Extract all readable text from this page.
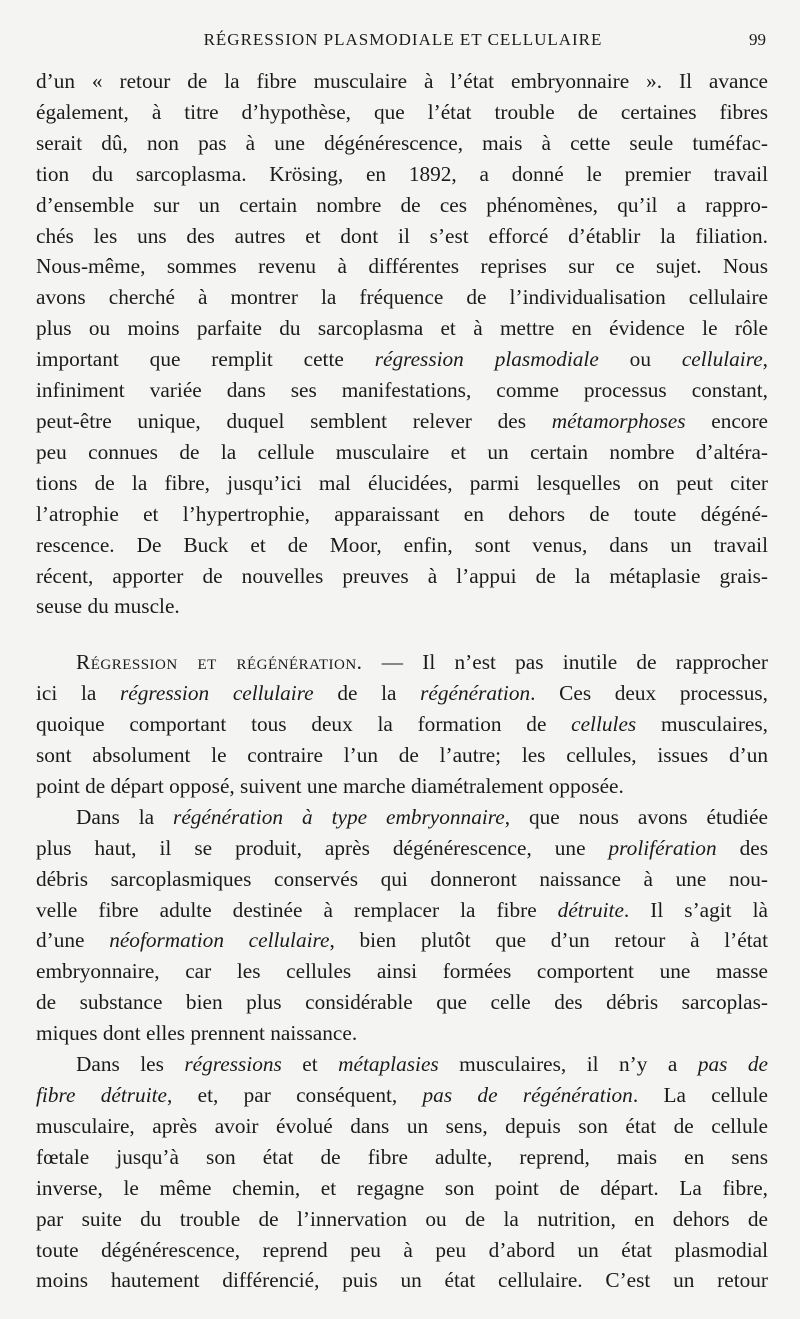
RÉGRESSION PLASMODIALE ET CELLULAIRE	99

d’un « retour de la fibre musculaire à l’état embryonnaire ». Il avance
également, à titre d’hypothèse, que l’état trouble de certaines fibres
serait dû, non pas à une dégénérescence, mais à cette seule tuméfac-
tion du sarcoplasma. Krösing, en 1892, a donné le premier travail
d’ensemble sur un certain nombre de ces phénomènes, qu’il a rappro-
chés les uns des autres et dont il s’est efforcé d’établir la filiation.
Nous-même, sommes revenu à différentes reprises sur ce sujet. Nous
avons cherché à montrer la fréquence de l’individualisation cellulaire
plus ou moins parfaite du sarcoplasma et à mettre en évidence le rôle
important que remplit cette régression plasmodiale ou cellulaire,
infiniment variée dans ses manifestations, comme processus constant,
peut-être unique, duquel semblent relever des métamorphoses encore
peu connues de la cellule musculaire et un certain nombre d’altéra-
tions de la fibre, jusqu’ici mal élucidées, parmi lesquelles on peut citer
l’atrophie et l’hypertrophie, apparaissant en dehors de toute dégéné-
rescence. De Buck et de Moor, enfin, sont venus, dans un travail
récent, apporter de nouvelles preuves à l’appui de la métaplasie grais-
seuse du muscle.

Régression et régénération. — Il n’est pas inutile de rapprocher
ici la régression cellulaire de la régénération. Ces deux processus,
quoique comportant tous deux la formation de cellules musculaires,
sont absolument le contraire l’un de l’autre; les cellules, issues d’un
point de départ opposé, suivent une marche diamétralement opposée.

Dans la régénération à type embryonnaire, que nous avons étudiée
plus haut, il se produit, après dégénérescence, une prolifération des
débris sarcoplasmiques conservés qui donneront naissance à une nou-
velle fibre adulte destinée à remplacer la fibre détruite. Il s’agit là
d’une néoformation cellulaire, bien plutôt que d’un retour à l’état
embryonnaire, car les cellules ainsi formées comportent une masse
de substance bien plus considérable que celle des débris sarcoplas-
miques dont elles prennent naissance.

Dans les régressions et métaplasies musculaires, il n’y a pas de
fibre détruite, et, par conséquent, pas de régénération. La cellule
musculaire, après avoir évolué dans un sens, depuis son état de cellule
fœtale jusqu’à son état de fibre adulte, reprend, mais en sens
inverse, le même chemin, et regagne son point de départ. La fibre,
par suite du trouble de l’innervation ou de la nutrition, en dehors de
toute dégénérescence, reprend peu à peu d’abord un état plasmodial
moins hautement différencié, puis un état cellulaire. C’est un retour
